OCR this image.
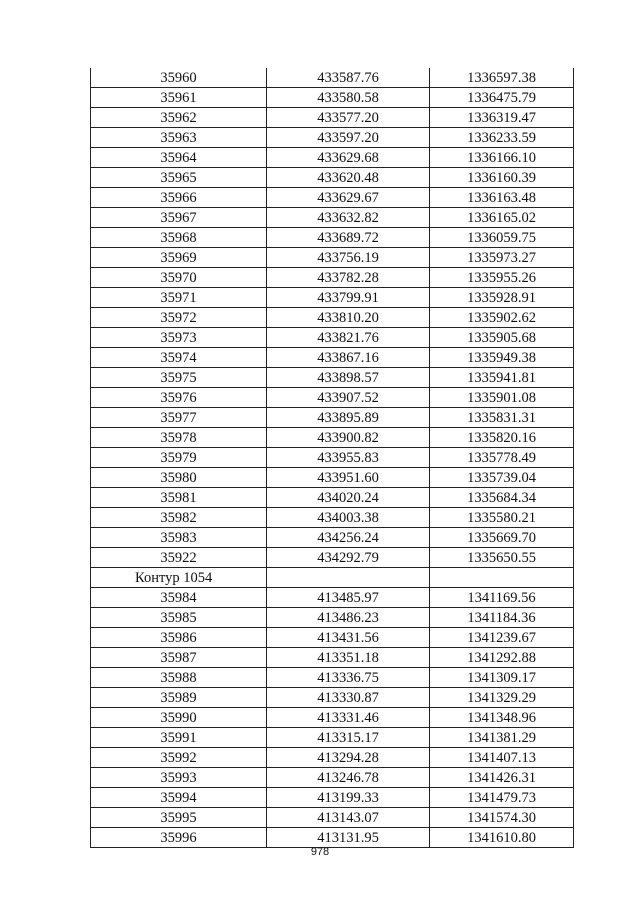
35960	433587.76	1336597.38
35961	433580.58	1336475.79
35962	433577.20	1336319.47
35963	433597.20	1336233.59
35964	433629.68	1336166.10
35965	433620.48	1336160.39
35966	433629.67	1336163.48
35967	433632.82	1336165.02
35968	433689.72	1336059.75
35969	433756.19	1335973.27
35970	433782.28	1335955.26
35971	433799.91	1335928.91
35972	433810.20	1335902.62
35973	433821.76	1335905.68
35974	433867.16	1335949.38
35975	433898.57	1335941.81
35976	433907.52	1335901.08
35977	433895.89	1335831.31
35978	433900.82	1335820.16
35979	433955.83	1335778.49
35980	433951.60	1335739.04
35981	434020.24	1335684.34
35982	434003.38	1335580.21
35983	434256.24	1335669.70
35922	434292.79	1335650.55
Контур 1054		
35984	413485.97	1341169.56
35985	413486.23	1341184.36
35986	413431.56	1341239.67
35987	413351.18	1341292.88
35988	413336.75	1341309.17
35989	413330.87	1341329.29
35990	413331.46	1341348.96
35991	413315.17	1341381.29
35992	413294.28	1341407.13
35993	413246.78	1341426.31
35994	413199.33	1341479.73
35995	413143.07	1341574.30
35996	413131.95	1341610.80
978
